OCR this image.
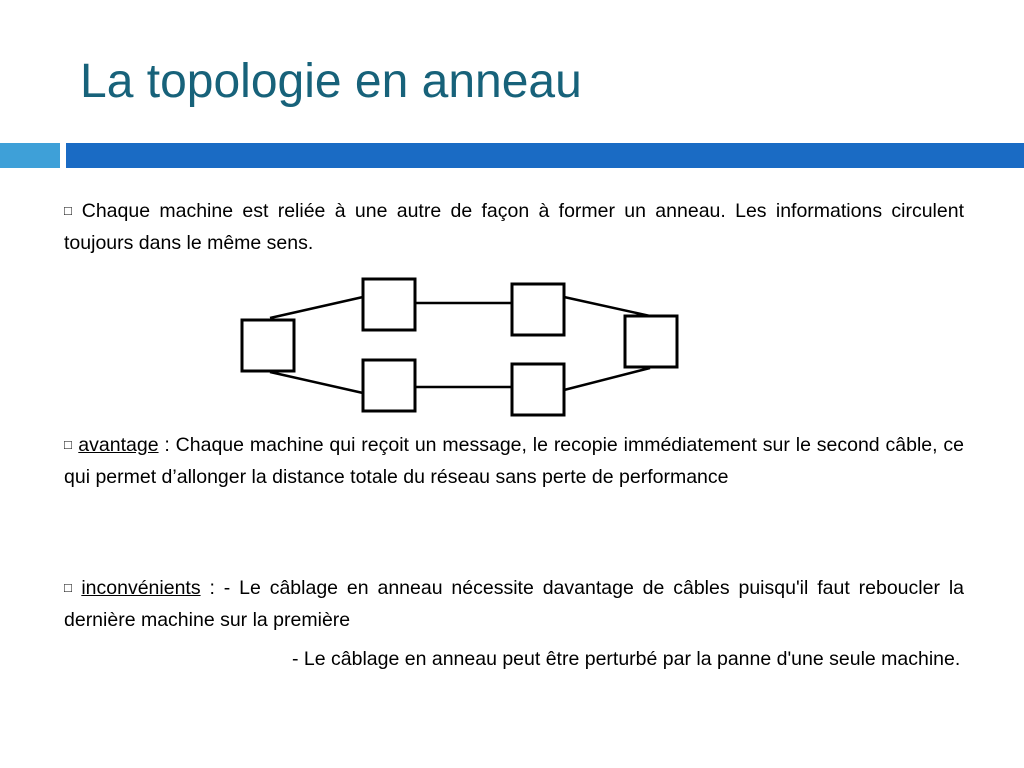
La topologie en anneau
□ Chaque machine est reliée à une autre de façon à former un anneau. Les informations circulent toujours dans le même sens.
□ avantage : Chaque machine qui reçoit un message, le recopie immédiatement sur le second câble, ce qui permet d’allonger la distance totale du réseau sans perte de performance
□ inconvénients : - Le câblage en anneau nécessite davantage de câbles puisqu'il faut reboucler la dernière machine sur la première
- Le câblage en anneau peut être perturbé par la panne d'une seule machine.
